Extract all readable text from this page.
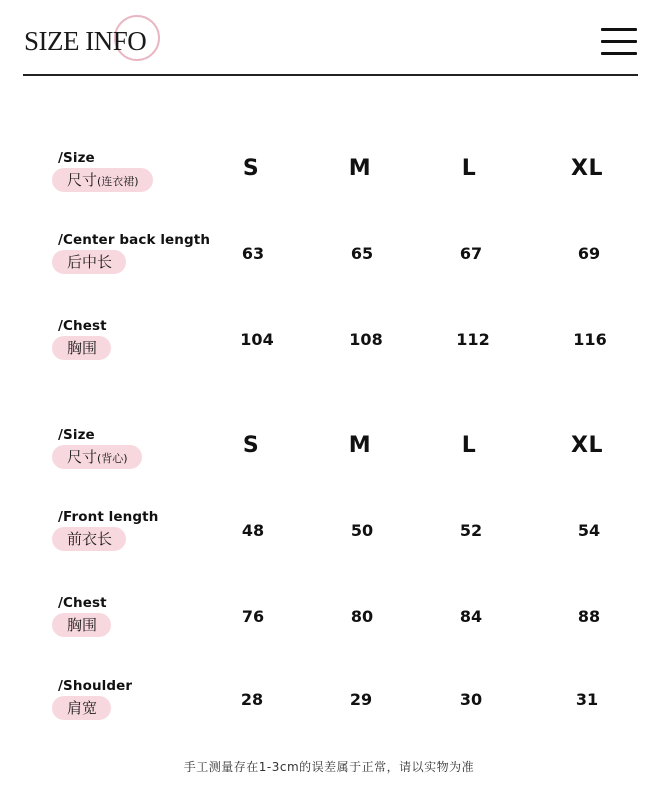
SIZE INFO
/Size
尺寸(连衣裙)
S	M	L	XL
/Center back length
后中长	63	65	67	69
/Chest
胸围	104	108	112	116
/Size
尺寸(背心)
S	M	L	XL
/Front length
前衣长	48	50	52	54
/Chest
胸围	76	80	84	88
/Shoulder
肩宽	28	29	30	31
手工测量存在1-3cm的误差属于正常，请以实物为准
